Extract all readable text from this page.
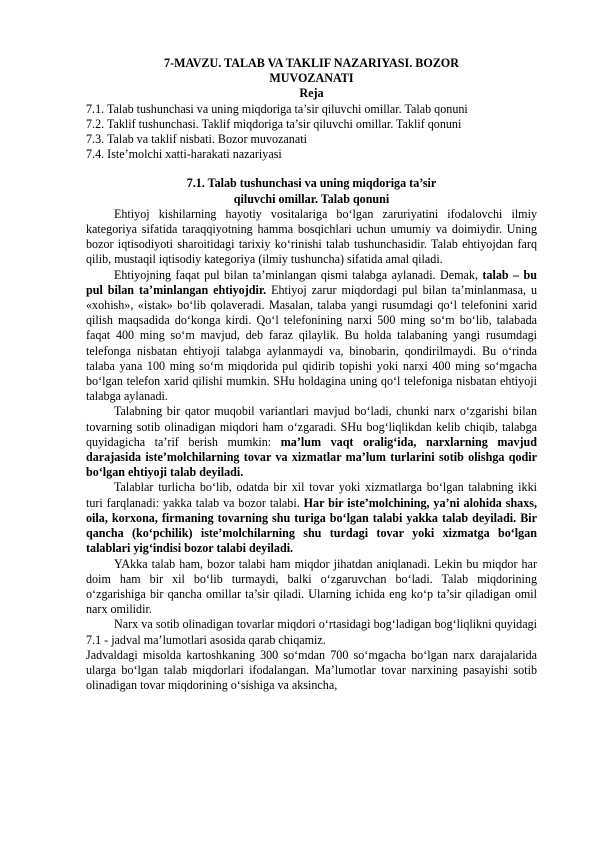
7-MAVZU. TALAB VA TAKLIF NAZARIYASI. BOZOR
MUVOZANATI

Reja

7.1. Talab tushunchasi va uning miqdoriga ta’sir qiluvchi omillar. Talab qonuni
7.2. Taklif tushunchasi. Taklif miqdoriga ta’sir qiluvchi omillar. Taklif qonuni
7.3. Talab va taklif nisbati. Bozor muvozanati
7.4. Iste’molchi xatti-harakati nazariyasi

7.1. Talab tushunchasi va uning miqdoriga ta’sir
qiluvchi omillar. Talab qonuni

Ehtiyoj kishilarning hayotiy vositalariga bo‘lgan zaruriyatini ifodalovchi ilmiy kategoriya sifatida taraqqiyotning hamma bosqichlari uchun umumiy va doimiydir. Uning bozor iqtisodiyoti sharoitidagi tarixiy ko‘rinishi talab tushunchasidir. Talab ehtiyojdan farq qilib, mustaqil iqtisodiy kategoriya (ilmiy tushuncha) sifatida amal qiladi.

Ehtiyojning faqat pul bilan ta’minlangan qismi talabga aylanadi. Demak, talab – bu pul bilan ta’minlangan ehtiyojdir. Ehtiyoj zarur miqdordagi pul bilan ta’minlanmasa, u «xohish», «istak» bo‘lib qolaveradi. Masalan, talaba yangi rusumdagi qo‘l telefonini xarid qilish maqsadida do‘konga kirdi. Qo‘l telefonining narxi 500 ming so‘m bo‘lib, talabada faqat 400 ming so‘m mavjud, deb faraz qilaylik. Bu holda talabaning yangi rusumdagi telefonga nisbatan ehtiyoji talabga aylanmaydi va, binobarin, qondirilmaydi. Bu o‘rinda talaba yana 100 ming so‘m miqdorida pul qidirib topishi yoki narxi 400 ming so‘mgacha bo‘lgan telefon xarid qilishi mumkin. SHu holdagina uning qo‘l telefoniga nisbatan ehtiyoji talabga aylanadi.

Talabning bir qator muqobil variantlari mavjud bo‘ladi, chunki narx o‘zgarishi bilan tovarning sotib olinadigan miqdori ham o‘zgaradi. SHu bog‘liqlikdan kelib chiqib, talabga quyidagicha ta’rif berish mumkin: ma’lum vaqt oralig‘ida, narxlarning mavjud darajasida iste’molchilarning tovar va xizmatlar ma’lum turlarini sotib olishga qodir bo‘lgan ehtiyoji talab deyiladi.

Talablar turlicha bo‘lib, odatda bir xil tovar yoki xizmatlarga bo‘lgan talabning ikki turi farqlanadi: yakka talab va bozor talabi. Har bir iste’molchining, ya’ni alohida shaxs, oila, korxona, firmaning tovarning shu turiga bo‘lgan talabi yakka talab deyiladi. Bir qancha (ko‘pchilik) iste’molchilarning shu turdagi tovar yoki xizmatga bo‘lgan talablari yig‘indisi bozor talabi deyiladi.

YAkka talab ham, bozor talabi ham miqdor jihatdan aniqlanadi. Lekin bu miqdor har doim ham bir xil bo‘lib turmaydi, balki o‘zgaruvchan bo‘ladi. Talab miqdorining o‘zgarishiga bir qancha omillar ta’sir qiladi. Ularning ichida eng ko‘p ta’sir qiladigan omil narx omilidir.

Narx va sotib olinadigan tovarlar miqdori o‘rtasidagi bog‘ladigan bog‘liqlikni quyidagi 7.1 - jadval ma’lumotlari asosida qarab chiqamiz.

Jadvaldagi misolda kartoshkaning 300 so‘mdan 700 so‘mgacha bo‘lgan narx darajalarida ularga bo‘lgan talab miqdorlari ifodalangan. Ma’lumotlar tovar narxining pasayishi sotib olinadigan tovar miqdorining o‘sishiga va aksincha,
